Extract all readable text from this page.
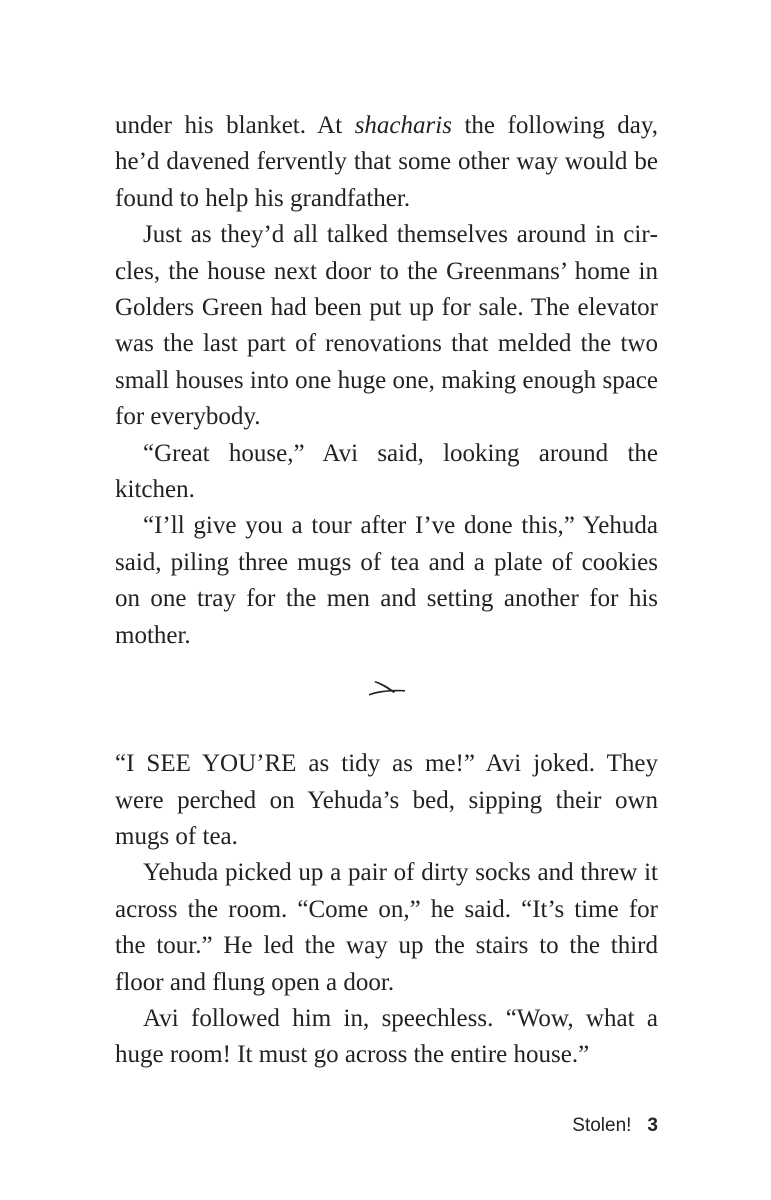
under his blanket. At shacharis the following day, he’d davened fervently that some other way would be found to help his grandfather.

Just as they’d all talked themselves around in circles, the house next door to the Greenmans’ home in Golders Green had been put up for sale. The elevator was the last part of renovations that melded the two small houses into one huge one, making enough space for everybody.

“Great house,” Avi said, looking around the kitchen.

“I’ll give you a tour after I’ve done this,” Yehuda said, piling three mugs of tea and a plate of cookies on one tray for the men and setting another for his mother.

“I SEE YOU’RE as tidy as me!” Avi joked. They were perched on Yehuda’s bed, sipping their own mugs of tea.

Yehuda picked up a pair of dirty socks and threw it across the room. “Come on,” he said. “It’s time for the tour.” He led the way up the stairs to the third floor and flung open a door.

Avi followed him in, speechless. “Wow, what a huge room! It must go across the entire house.”

Stolen! 3
